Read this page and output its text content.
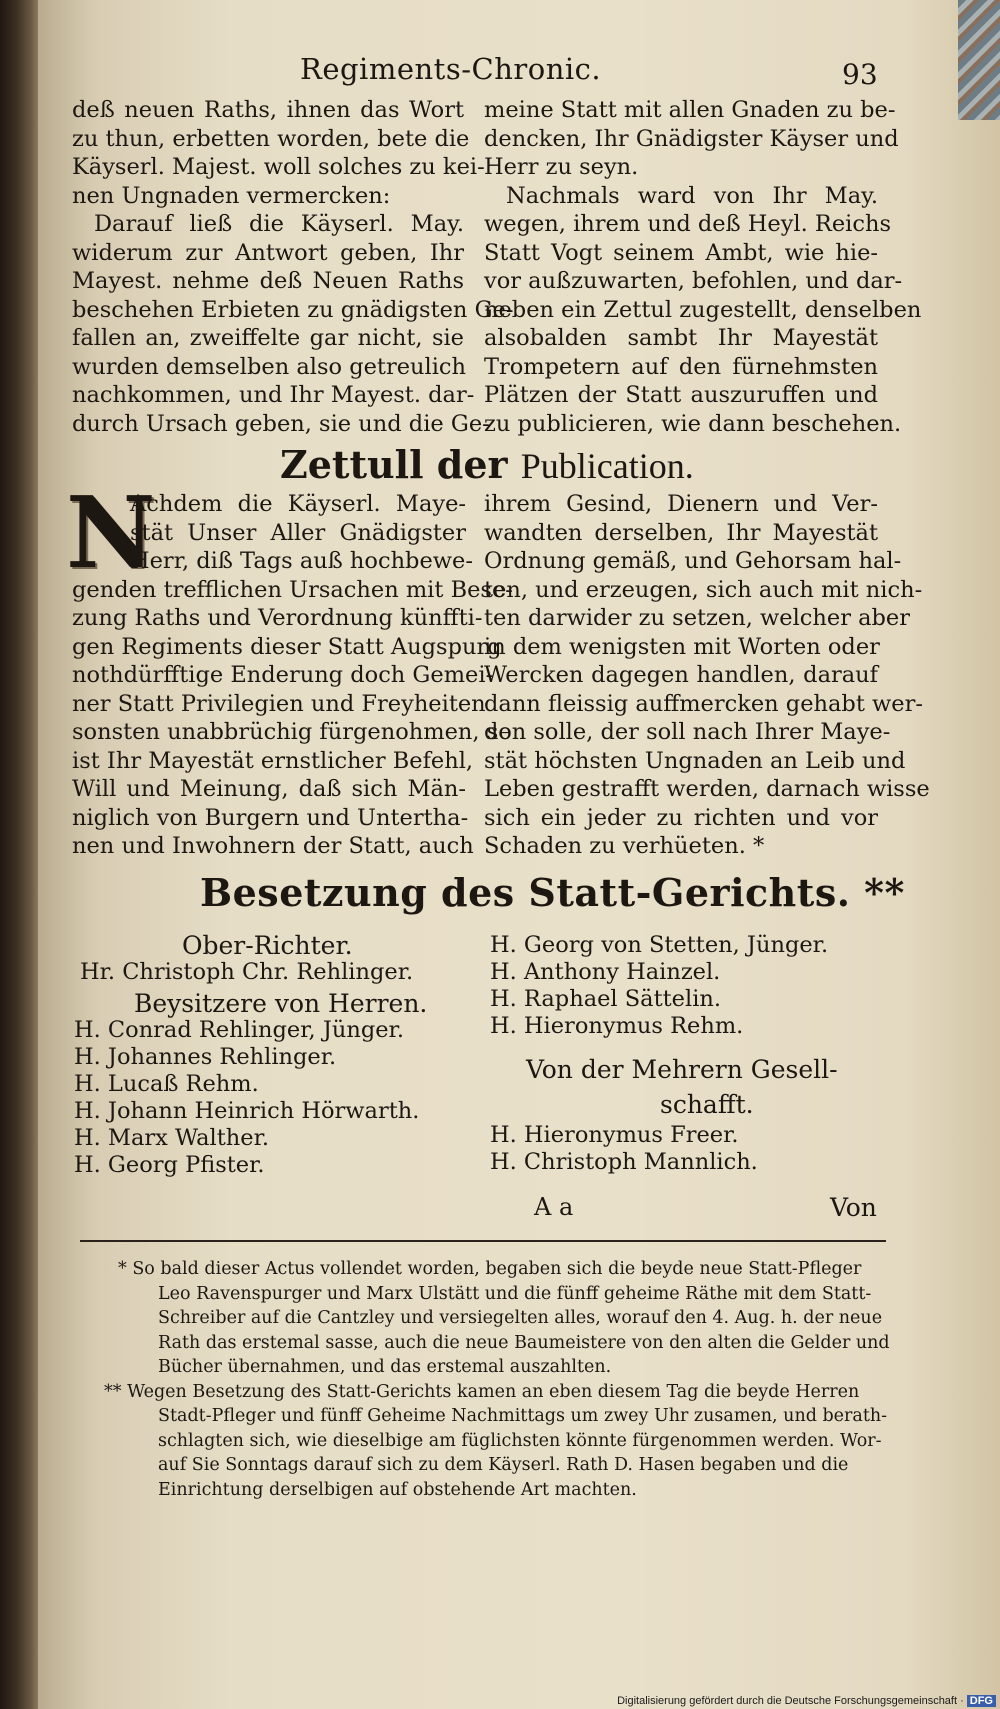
Regiments-Chronic.	93

deß neuen Raths, ihnen das Wort

zu thun, erbetten worden, bete die

Käyserl. Majest. woll solches zu kei-

nen Ungnaden vermercken:

Darauf ließ die Käyserl. May.

widerum zur Antwort geben, Ihr

Mayest. nehme deß Neuen Raths

beschehen Erbieten zu gnädigsten Ge-

fallen an, zweiffelte gar nicht, sie

wurden demselben also getreulich

nachkommen, und Ihr Mayest. dar-

durch Ursach geben, sie und die Ge-

meine Statt mit allen Gnaden zu be-

dencken, Ihr Gnädigster Käyser und

Herr zu seyn.

Nachmals ward von Ihr May.

wegen, ihrem und deß Heyl. Reichs

Statt Vogt seinem Ambt, wie hie-

vor außzuwarten, befohlen, und dar-

neben ein Zettul zugestellt, denselben

alsobalden sambt Ihr Mayestät

Trompetern auf den fürnehmsten

Plätzen der Statt auszuruffen und

zu publicieren, wie dann beschehen.

Zettull der Publication.
N

Achdem die Käyserl. Maye-

stät Unser Aller Gnädigster

Herr, diß Tags auß hochbewe-

genden trefflichen Ursachen mit Bese-

zung Raths und Verordnung künffti-

gen Regiments dieser Statt Augspurg

nothdürfftige Enderung doch Gemei-

ner Statt Privilegien und Freyheiten

sonsten unabbrüchig fürgenohmen, so

ist Ihr Mayestät ernstlicher Befehl,

Will und Meinung, daß sich Män-

niglich von Burgern und Untertha-

nen und Inwohnern der Statt, auch

ihrem Gesind, Dienern und Ver-

wandten derselben, Ihr Mayestät

Ordnung gemäß, und Gehorsam hal-

ten, und erzeugen, sich auch mit nich-

ten darwider zu setzen, welcher aber

in dem wenigsten mit Worten oder

Wercken dagegen handlen, darauf

dann fleissig auffmercken gehabt wer-

den solle, der soll nach Ihrer Maye-

stät höchsten Ungnaden an Leib und

Leben gestrafft werden, darnach wisse

sich ein jeder zu richten und vor

Schaden zu verhüeten. *

Besetzung des Statt-Gerichts. **
Ober-Richter.
Hr. Christoph Chr. Rehlinger.
Beysitzere von Herren.
H. Conrad Rehlinger, Jünger.
H. Johannes Rehlinger.
H. Lucaß Rehm.
H. Johann Heinrich Hörwarth.
H. Marx Walther.
H. Georg Pfister.
H. Georg von Stetten, Jünger.
H. Anthony Hainzel.
H. Raphael Sättelin.
H. Hieronymus Rehm.
Von der Mehrern Gesell-
schafft.
H. Hieronymus Freer.
H. Christoph Mannlich.
A a	Von
* So bald dieser Actus vollendet worden, begaben sich die beyde neue Statt-Pfleger
Leo Ravenspurger und Marx Ulstätt und die fünff geheime Räthe mit dem Statt-
Schreiber auf die Cantzley und versiegelten alles, worauf den 4. Aug. h. der neue
Rath das erstemal sasse, auch die neue Baumeistere von den alten die Gelder und
Bücher übernahmen, und das erstemal auszahlten.
** Wegen Besetzung des Statt-Gerichts kamen an eben diesem Tag die beyde Herren
Stadt-Pfleger und fünff Geheime Nachmittags um zwey Uhr zusamen, und berath-
schlagten sich, wie dieselbige am füglichsten könnte fürgenommen werden. Wor-
auf Sie Sonntags darauf sich zu dem Käyserl. Rath D. Hasen begaben und die
Einrichtung derselbigen auf obstehende Art machten.
Digitalisierung gefördert durch die Deutsche Forschungsgemeinschaft · DFG
